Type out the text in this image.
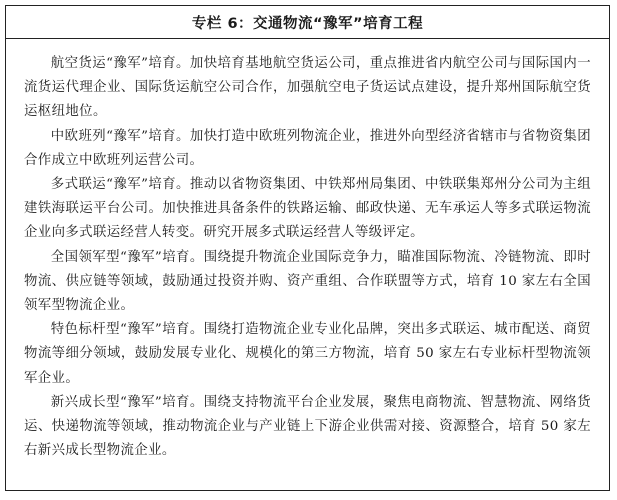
专栏 6：交通物流“豫军”培育工程

航空货运“豫军”培育。加快培育基地航空货运公司，重点推进省内航空公司与国际国内一流货运代理企业、国际货运航空公司合作，加强航空电子货运试点建设，提升郑州国际航空货运枢纽地位。

中欧班列“豫军”培育。加快打造中欧班列物流企业，推进外向型经济省辖市与省物资集团合作成立中欧班列运营公司。

多式联运“豫军”培育。推动以省物资集团、中铁郑州局集团、中铁联集郑州分公司为主组建铁海联运平台公司。加快推进具备条件的铁路运输、邮政快递、无车承运人等多式联运物流企业向多式联运经营人转变。研究开展多式联运经营人等级评定。

全国领军型“豫军”培育。围绕提升物流企业国际竞争力，瞄准国际物流、冷链物流、即时物流、供应链等领域，鼓励通过投资并购、资产重组、合作联盟等方式，培育 10 家左右全国领军型物流企业。

特色标杆型“豫军”培育。围绕打造物流企业专业化品牌，突出多式联运、城市配送、商贸物流等细分领域，鼓励发展专业化、规模化的第三方物流，培育 50 家左右专业标杆型物流领军企业。

新兴成长型“豫军”培育。围绕支持物流平台企业发展，聚焦电商物流、智慧物流、网络货运、快递物流等领域，推动物流企业与产业链上下游企业供需对接、资源整合，培育 50 家左右新兴成长型物流企业。
